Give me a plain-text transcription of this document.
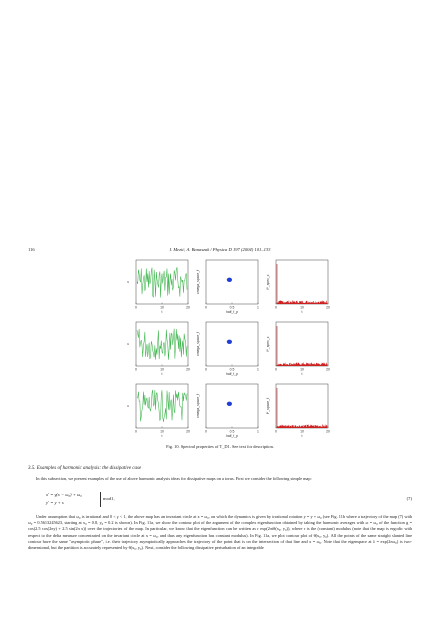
116	I. Mezić, A. Banaszuk / Physica D 197 (2004) 101–133
0	10	20	0	0.5	1	0	10	20
x	omega_space_f	f*_spec_x
t	half_f_p	t
0	10	20	0	0.5	1	0	10	20
x	omega_space_f	f*_spec_x
t	half_f_p	t
0	10	20	0	0.5	1	0	10	20
x	omega_space_f	f*_space_f
t	half_f_p	t
Fig. 10. Spectral properties of T_D1. See text for description.
3.5. Examples of harmonic analysis: the dissipative case

In this subsection, we present examples of the use of above harmonic analysis ideas for dissipative maps on a torus. First we consider the following simple map:

x′ = γ(x − ω₀) + ω₀
y′ = y + s
mod1,	(7)

Under assumption that ω₀ is irrational and 0 < γ < 1, the above map has an invariant circle at x = ω₀, on which the dynamics is given by irrational rotation y = y + ω₀ (see Fig. 11b where a trajectory of the map (7) with ω₀ = 0.5613245623, starting at x₀ = 0.8, y₀ = 0.2 is shown). In Fig. 11a, we show the contour plot of the argument of the complex eigenfunction obtained by taking the harmonic averages with ω = ω₀ of the function g = cos(2.5 cos(2πy) + 2.5 sin(2π x)) over the trajectories of the map. In particular, we know that the eigenfunction can be written as r exp(2πiθ(x₀, y₀)), where r is the (constant) modulus (note that the map is ergodic with respect to the delta measure concentrated on the invariant circle at x = ω₀, and thus any eigenfunction has constant modulus). In Fig. 11a, we plot contour plot of θ(x₀, y₀). All the points of the same straight slanted line contour have the same "asymptotic phase", i.e. their trajectory asymptotically approaches the trajectory of the point that is on the intersection of that line and x = ω₀. Note that the eigenspace at λ = exp(2πω₀) is two-dimensional, but the partition is accurately represented by θ(x₀, y₀). Next, consider the following dissipative perturbation of an integrable
